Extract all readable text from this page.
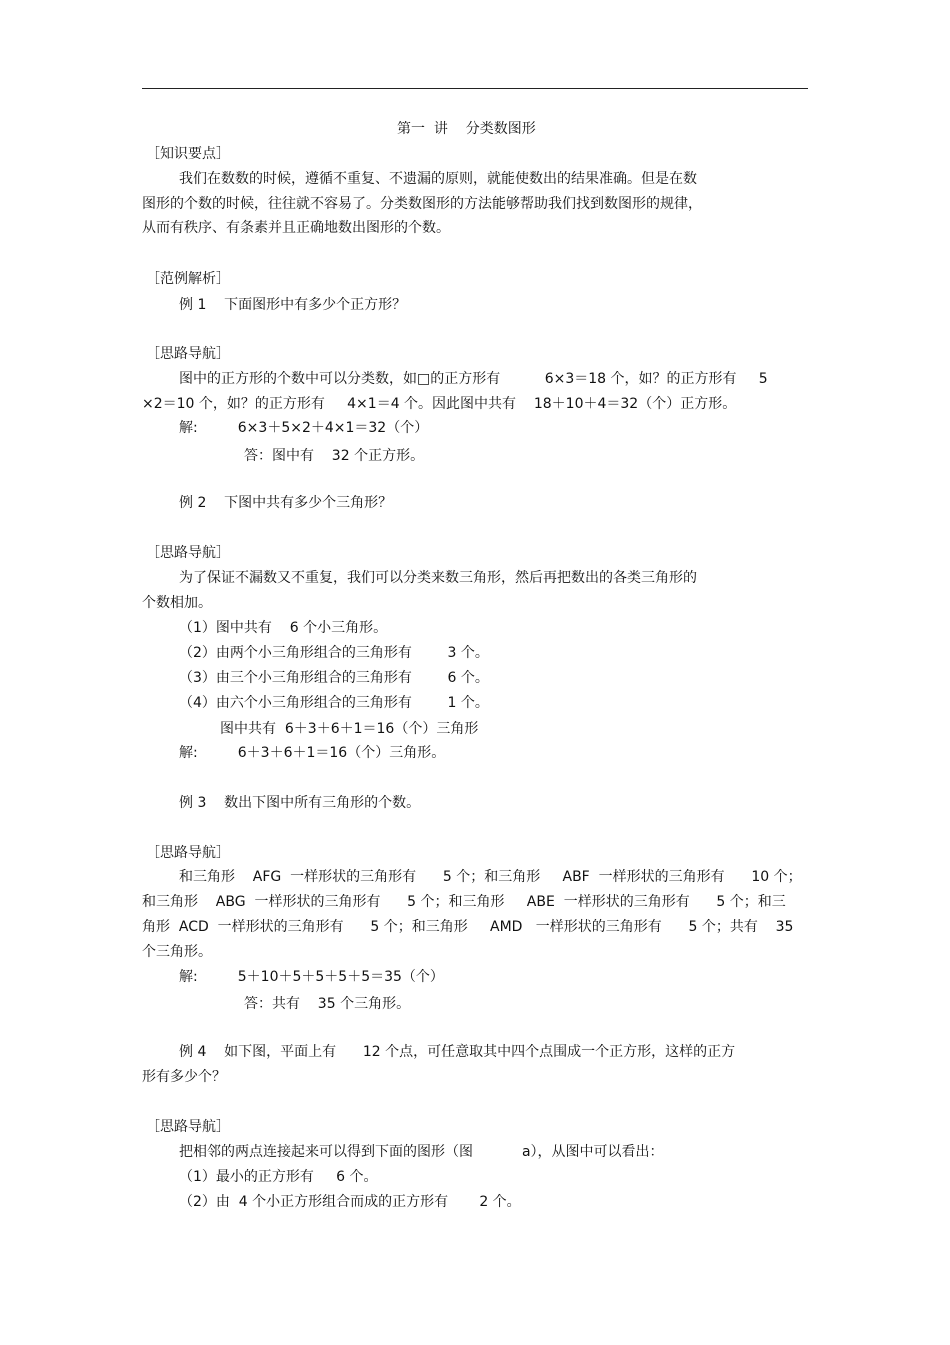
第一  讲    分类数图形
［知识要点］
我们在数数的时候，遵循不重复、不遗漏的原则，就能使数出的结果准确。但是在数
图形的个数的时候，往往就不容易了。分类数图形的方法能够帮助我们找到数图形的规律，
从而有秩序、有条素并且正确地数出图形的个数。
［范例解析］
例 1    下面图形中有多少个正方形？
［思路导航］
图中的正方形的个数中可以分类数，如□的正方形有          6×3＝18 个，如？的正方形有     5
×2＝10 个，如？的正方形有     4×1＝4 个。因此图中共有    18＋10＋4＝32（个）正方形。
解:         6×3＋5×2＋4×1＝32（个）
答：图中有    32 个正方形。
例 2    下图中共有多少个三角形？
［思路导航］
为了保证不漏数又不重复，我们可以分类来数三角形，然后再把数出的各类三角形的
个数相加。
（1）图中共有    6 个小三角形。
（2）由两个小三角形组合的三角形有        3 个。
（3）由三个小三角形组合的三角形有        6 个。
（4）由六个小三角形组合的三角形有        1 个。
图中共有  6＋3＋6＋1＝16（个）三角形
解:         6＋3＋6＋1＝16（个）三角形。
例 3    数出下图中所有三角形的个数。
［思路导航］
和三角形    AFG  一样形状的三角形有      5 个；和三角形     ABF  一样形状的三角形有      10 个；
和三角形    ABG  一样形状的三角形有      5 个；和三角形     ABE  一样形状的三角形有      5 个；和三
角形  ACD  一样形状的三角形有      5 个；和三角形     AMD   一样形状的三角形有      5 个；共有    35
个三角形。
解:         5＋10＋5＋5＋5＋5＝35（个）
答：共有    35 个三角形。
例 4    如下图，平面上有      12 个点，可任意取其中四个点围成一个正方形，这样的正方
形有多少个？
［思路导航］
把相邻的两点连接起来可以得到下面的图形（图           a），从图中可以看出：
（1）最小的正方形有     6 个。
（2）由  4 个小正方形组合而成的正方形有       2 个。
